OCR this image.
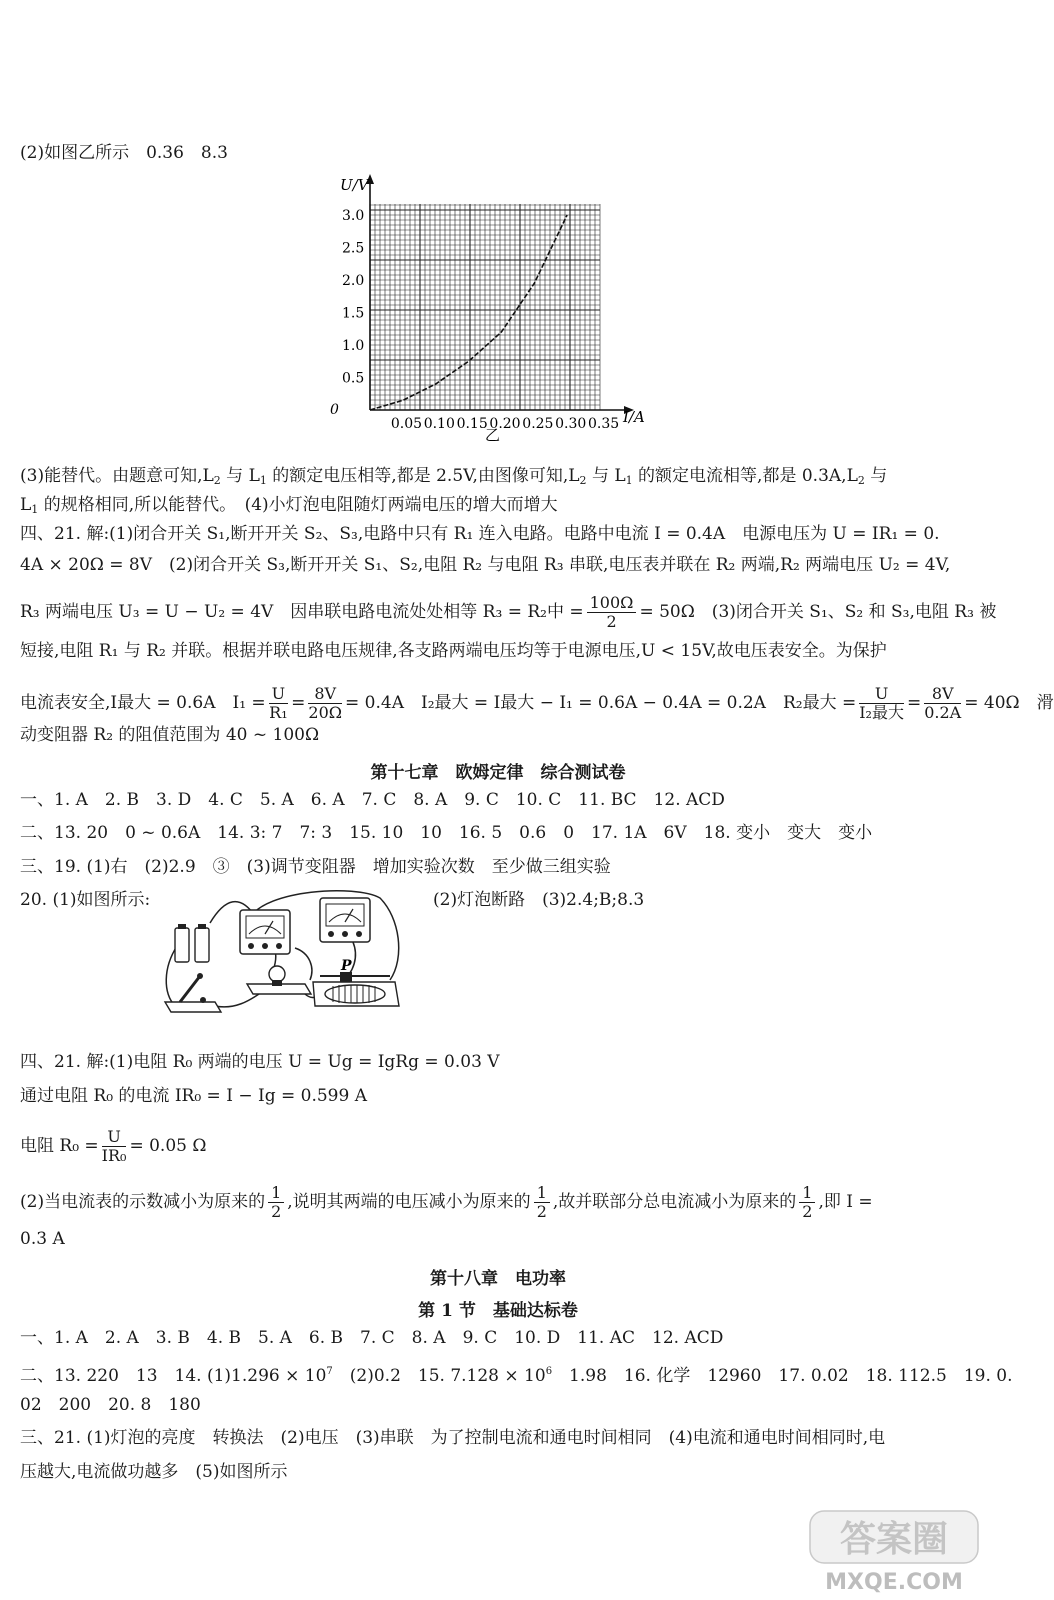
(2)如图乙所示　0.36　8.3
U/V
I/A
0
乙
0.05 0.10 0.15 0.20 0.25 0.30 0.35
0.5
1.0
1.5
2.0
2.5
3.0
(3)能替代。由题意可知$,L_2$ 与 $L_1$ 的额定电压相等,都是 2.5V,由图像可知$,L_2$ 与 $L_1$ 的额定电流相等,都是 $0.3A,L_2$ 与
$L_1$ 的规格相同,所以能替代。　(4)小灯泡电阻随灯两端电压的增大而增大
四、21. 解:(1)闭合开关 S₁,断开开关 S₂、S₃,电路中只有 R₁ 连入电路。电路中电流 I = 0.4A　电源电压为 U = IR₁ = 0.
4A × 20Ω = 8V　(2)闭合开关 S₃,断开开关 S₁、S₂,电阻 R₂ 与电阻 R₃ 串联,电压表并联在 R₂ 两端,R₂ 两端电压 U₂ = 4V,
R₃ 两端电压 U₃ = U − U₂ = 4V　因串联电路电流处处相等 R₃ = R₂中 = $\frac{100\Omega}{2} = 50\Omega$　(3)闭合开关 S₁、S₂ 和 S₃,电阻 R₃ 被
短接,电阻 R₁ 与 R₂ 并联。根据并联电路电压规律,各支路两端电压均等于电源电压,U < 15V,故电压表安全。为保护
电流表安全,I最大 = 0.6A　$I_1 = \frac{U}{\text{R₁}} = \frac{8V}{20\Omega} = 0.4A$　I₂最大 = I最大 − I₁ = 0.6A − 0.4A = 0.2A　R₂最大 = $\frac{U}{\text{I₂最大}} = \frac{8V}{0.2A} = 40\Omega$　滑
动变阻器 R₂ 的阻值范围为 40 ~ 100Ω
第十七章　欧姆定律　综合测试卷
一、1. A　2. B　3. D　4. C　5. A　6. A　7. C　8. A　9. C　10. C　11. BC　12. ACD
二、13. 20　0 ~ 0.6A　14. 3: 7　7: 3　15. 10　10　16. 5　0.6　0　17. 1A　6V　18. 变小　变大　变小
三、19. (1)右　(2)2.9　③　(3)调节变阻器　增加实验次数　至少做三组实验
20. (1)如图所示:	(2)灯泡断路　(3)2.4;B;8.3
P
四、21. 解:(1)电阻 R₀ 两端的电压 U = Ug = IgRg = 0.03 V
通过电阻 R₀ 的电流 IR₀ = I − Ig = 0.599 A
电阻 $R_0 = \frac{U}{\text{IR₀}} = 0.05$ Ω
(2)当电流表的示数减小为原来的 $\frac{1}{2}$ ,说明其两端的电压减小为原来的 $\frac{1}{2}$ ,故并联部分总电流减小为原来的 $\frac{1}{2}$ ,即 I =
0.3 A
第十八章　电功率
第 1 节　基础达标卷
一、1. A　2. A　3. B　4. B　5. A　6. B　7. C　8. A　9. C　10. D　11. AC　12. ACD
二、13. 220　13　14. $(1)1.296 \times 10^7$　(2)0.2　15. $7.128 \times 10^6$　1.98　16. 化学　12960　17. 0.02　18. 112.5　19. 0.
02　200　20. 8　180
三、21. (1)灯泡的亮度　转换法　(2)电压　(3)串联　为了控制电流和通电时间相同　(4)电流和通电时间相同时,电
压越大,电流做功越多　(5)如图所示
答案圈
MXQE.COM
